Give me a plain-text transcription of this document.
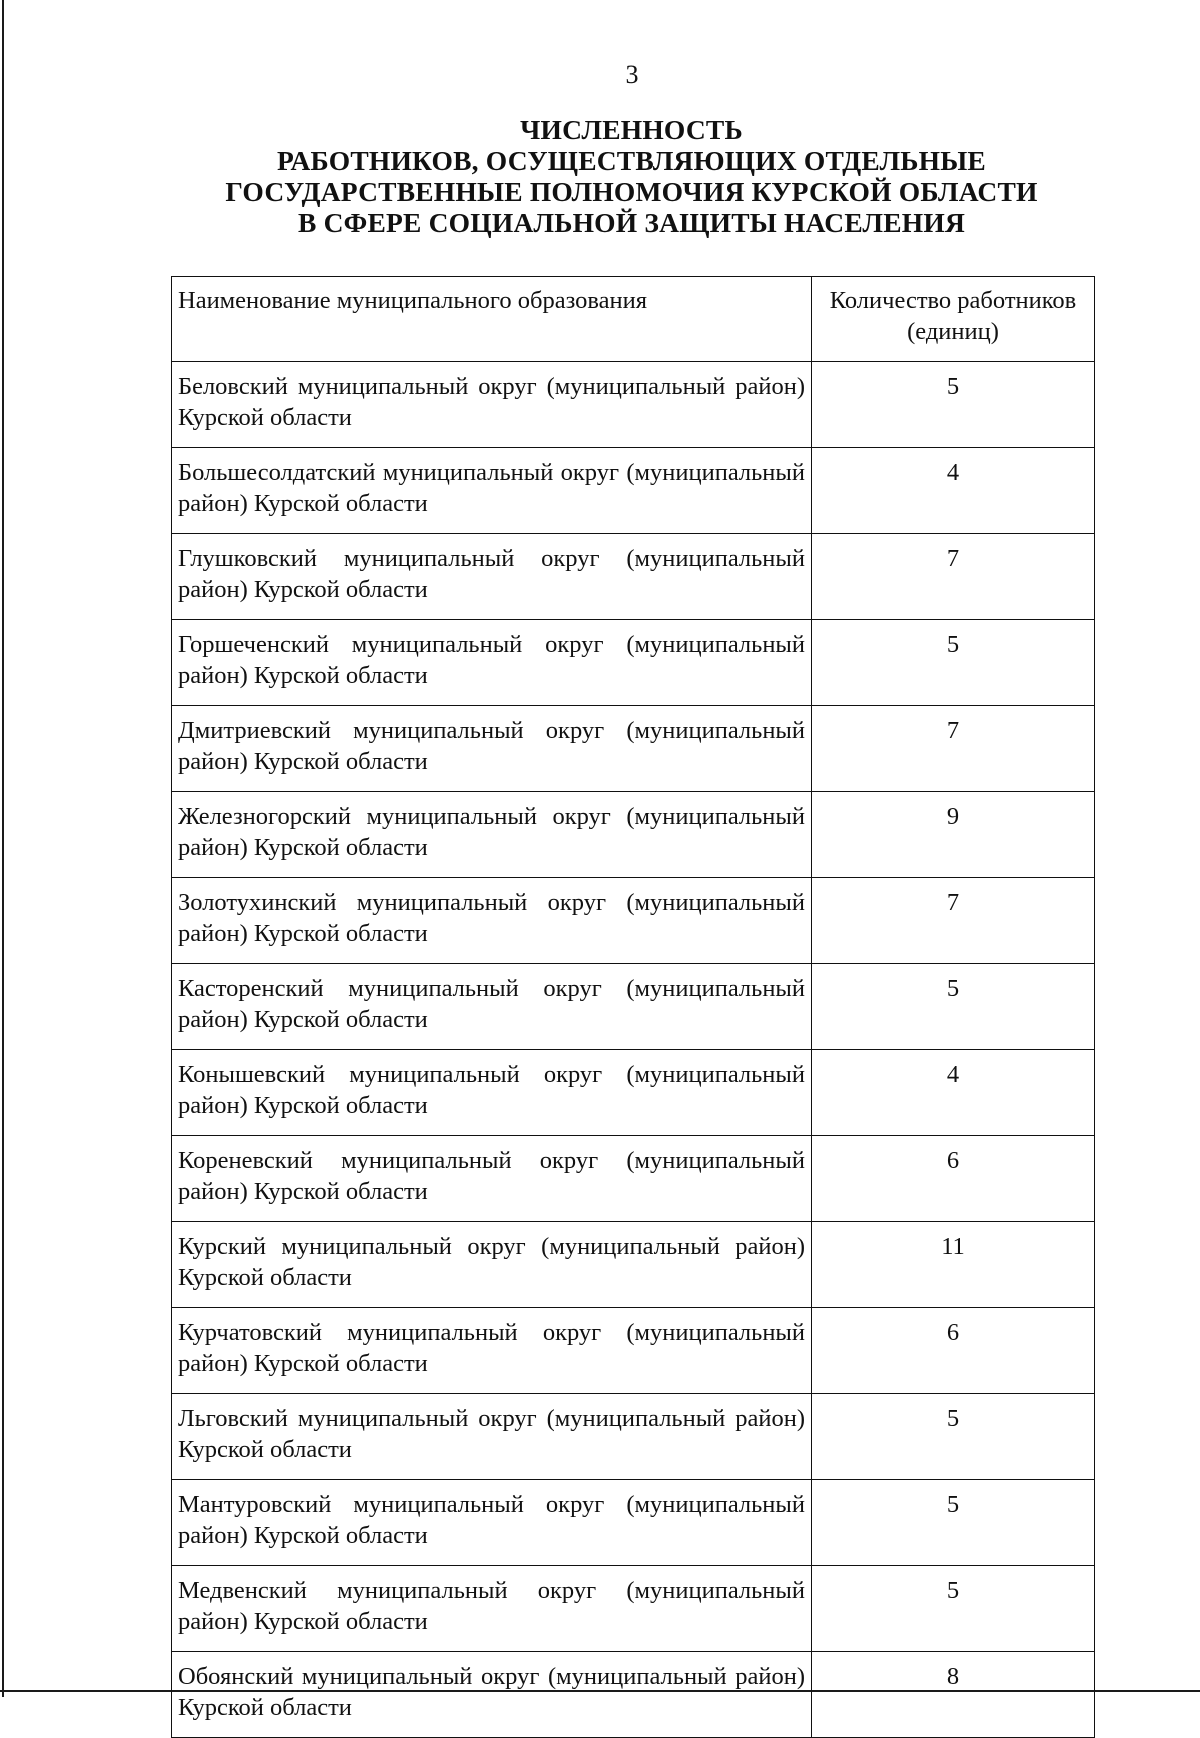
3
ЧИСЛЕННОСТЬ
РАБОТНИКОВ, ОСУЩЕСТВЛЯЮЩИХ ОТДЕЛЬНЫЕ
ГОСУДАРСТВЕННЫЕ ПОЛНОМОЧИЯ КУРСКОЙ ОБЛАСТИ
В СФЕРЕ СОЦИАЛЬНОЙ ЗАЩИТЫ НАСЕЛЕНИЯ
Наименование муниципального образования	Количество работников (единиц)
Беловский муниципальный округ (муниципальный район) Курской области	5
Большесолдатский муниципальный округ (муниципальный район) Курской области	4
Глушковский муниципальный округ (муниципальный район) Курской области	7
Горшеченский муниципальный округ (муниципальный район) Курской области	5
Дмитриевский муниципальный округ (муниципальный район) Курской области	7
Железногорский муниципальный округ (муниципальный район) Курской области	9
Золотухинский муниципальный округ (муниципальный район) Курской области	7
Касторенский муниципальный округ (муниципальный район) Курской области	5
Конышевский муниципальный округ (муниципальный район) Курской области	4
Кореневский муниципальный округ (муниципальный район) Курской области	6
Курский муниципальный округ (муниципальный район) Курской области	11
Курчатовский муниципальный округ (муниципальный район) Курской области	6
Льговский муниципальный округ (муниципальный район) Курской области	5
Мантуровский муниципальный округ (муниципальный район) Курской области	5
Медвенский муниципальный округ (муниципальный район) Курской области	5
Обоянский муниципальный округ (муниципальный район) Курской области	8
